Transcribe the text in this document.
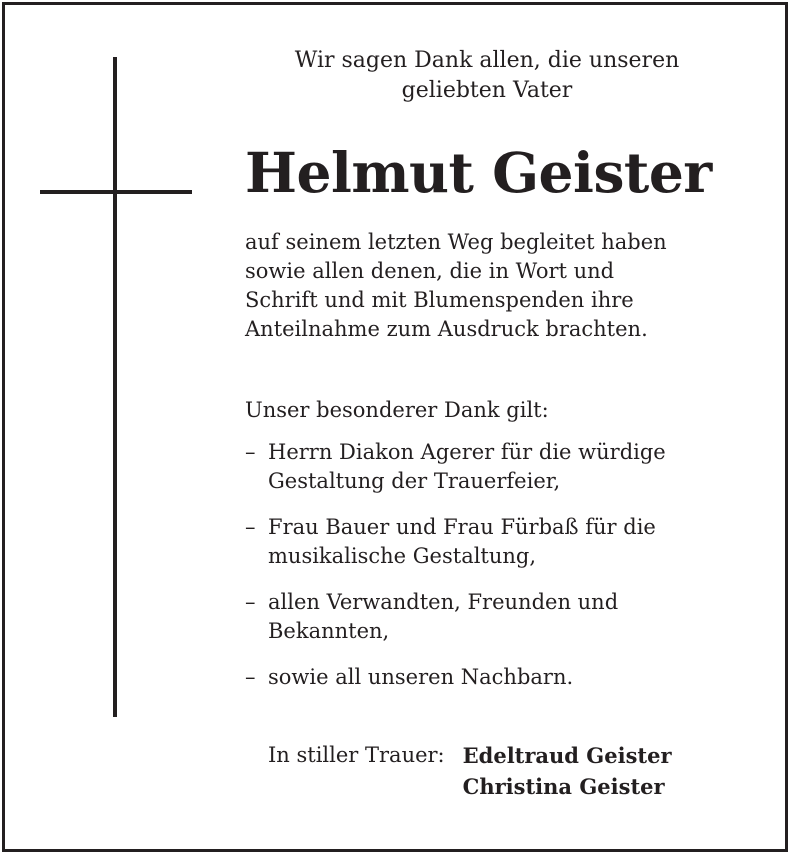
Wir sagen Dank allen, die unseren
geliebten Vater
Helmut Geister
auf seinem letzten Weg begleitet haben
sowie allen denen, die in Wort und
Schrift und mit Blumenspenden ihre
Anteilnahme zum Ausdruck brachten.
Unser besonderer Dank gilt:
– Herrn Diakon Agerer für die würdige
Gestaltung der Trauerfeier,
– Frau Bauer und Frau Fürbaß für die
musikalische Gestaltung,
– allen Verwandten, Freunden und
Bekannten,
– sowie all unseren Nachbarn.
In stiller Trauer: Edeltraud Geister
Christina Geister
